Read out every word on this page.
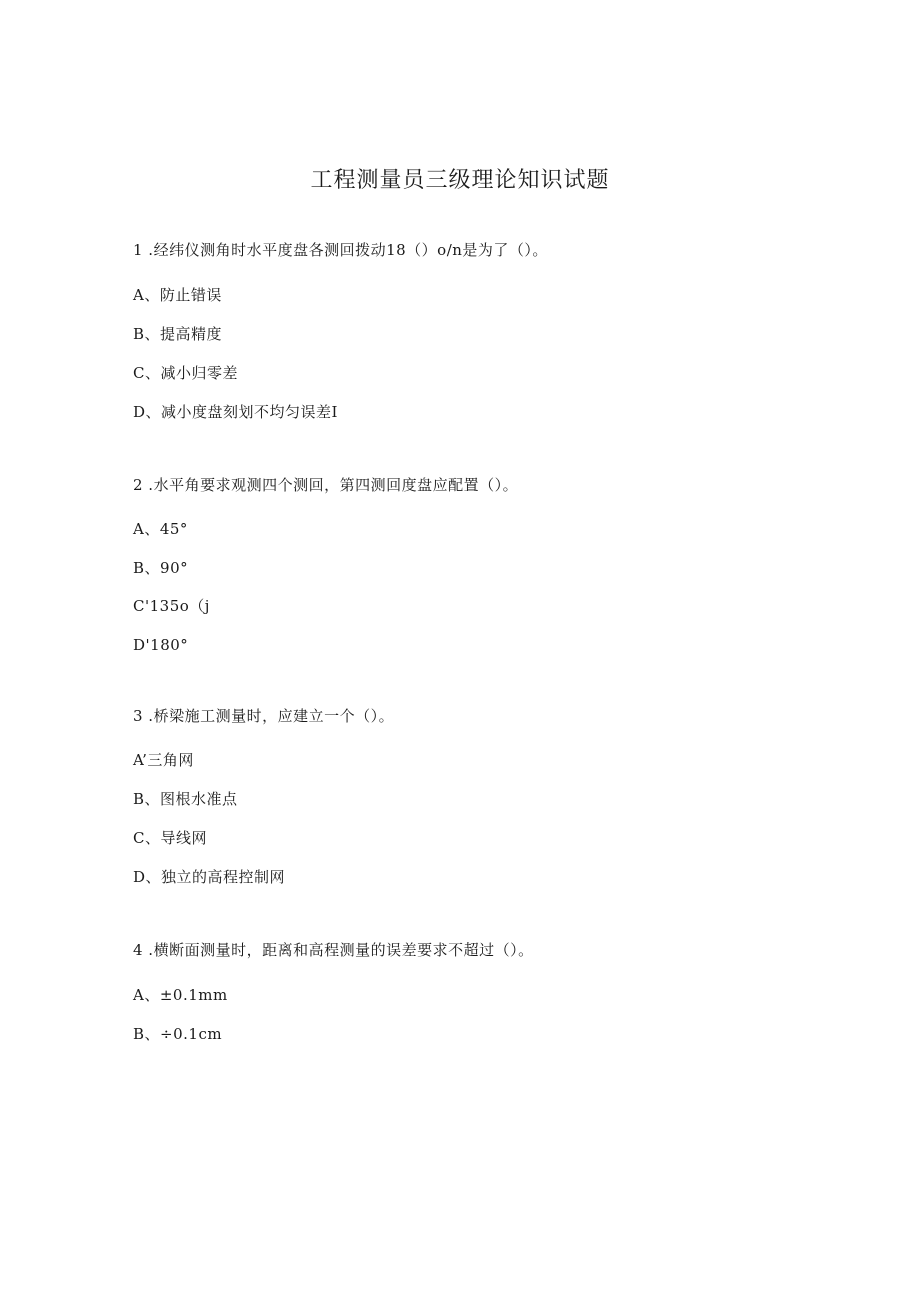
工程测量员三级理论知识试题
1 .经纬仪测角时水平度盘各测回拨动18（）o/n是为了（）。
A、防止错误
B、提高精度
C、减小归零差
D、减小度盘刻划不均匀误差I
2 .水平角要求观测四个测回，第四测回度盘应配置（）。
A、45°
B、90°
C'135o（j
D'180°
3 .桥梁施工测量时，应建立一个（）。
A’三角网
B、图根水准点
C、导线网
D、独立的高程控制网
4 .横断面测量时，距离和高程测量的误差要求不超过（）。
A、±0.1mm
B、÷0.1cm
